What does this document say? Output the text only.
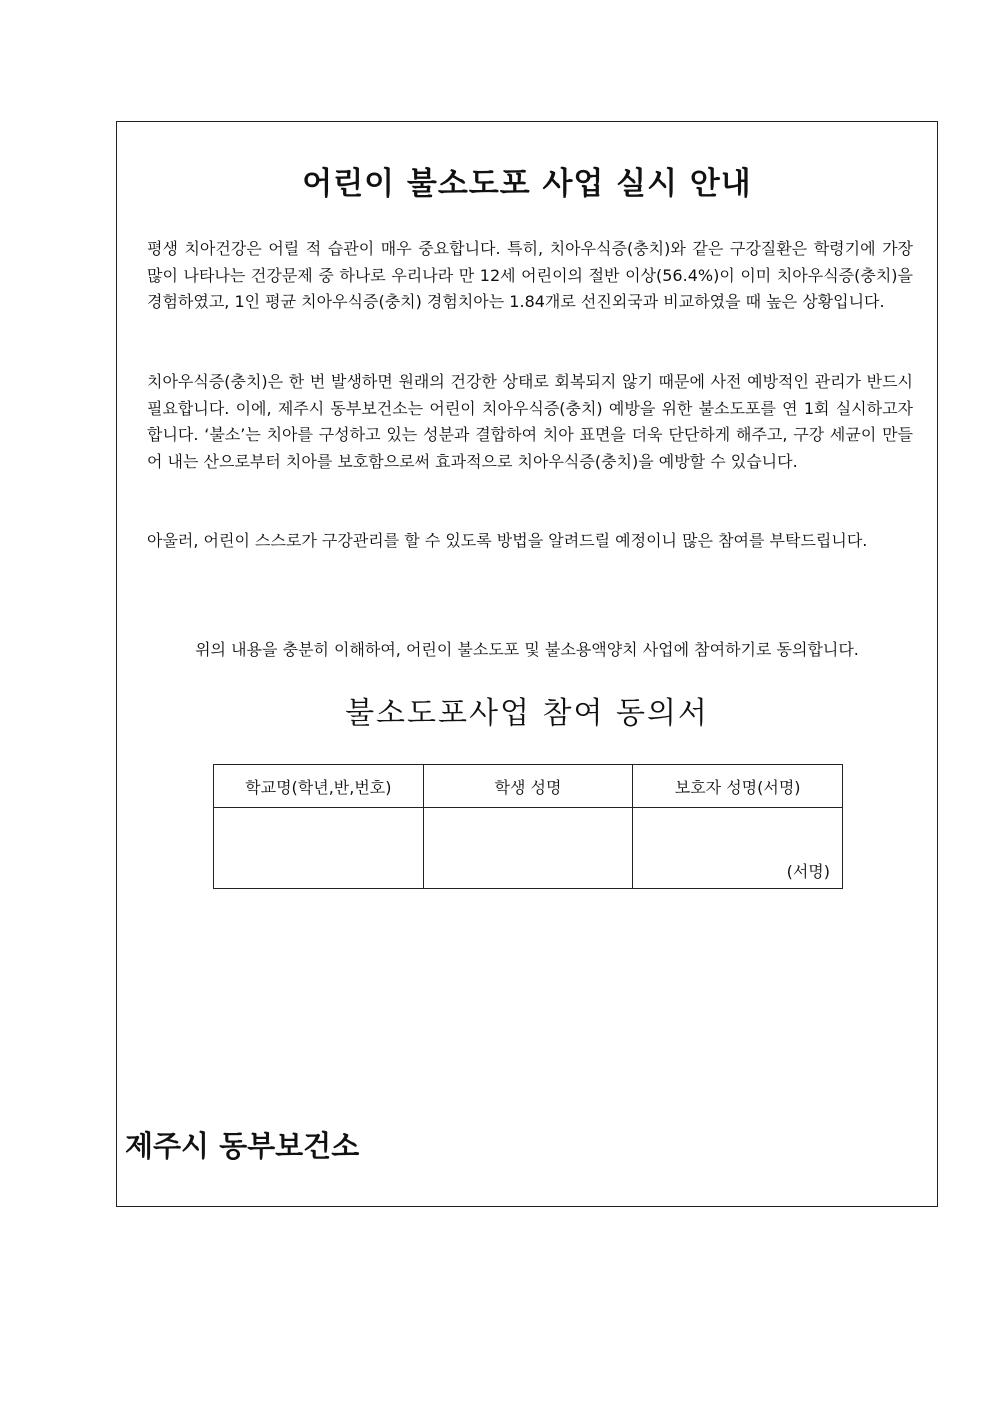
어린이 불소도포 사업 실시 안내

평생 치아건강은 어릴 적 습관이 매우 중요합니다. 특히, 치아우식증(충치)와 같은 구강질환은 학령기에 가장 많이 나타나는 건강문제 중 하나로 우리나라 만 12세 어린이의 절반 이상(56.4%)이 이미 치아우식증(충치)을 경험하였고, 1인 평균 치아우식증(충치) 경험치아는 1.84개로 선진외국과 비교하였을 때 높은 상황입니다.

치아우식증(충치)은 한 번 발생하면 원래의 건강한 상태로 회복되지 않기 때문에 사전 예방적인 관리가 반드시 필요합니다. 이에, 제주시 동부보건소는 어린이 치아우식증(충치) 예방을 위한 불소도포를 연 1회 실시하고자 합니다. ‘불소’는 치아를 구성하고 있는 성분과 결합하여 치아 표면을 더욱 단단하게 해주고, 구강 세균이 만들어 내는 산으로부터 치아를 보호함으로써 효과적으로 치아우식증(충치)을 예방할 수 있습니다.

아울러, 어린이 스스로가 구강관리를 할 수 있도록 방법을 알려드릴 예정이니 많은 참여를 부탁드립니다.

위의 내용을 충분히 이해하여, 어린이 불소도포 및 불소용액양치 사업에 참여하기로 동의합니다.

불소도포사업 참여 동의서
학교명(학년,반,번호)	학생 성명	보호자 성명(서명)

		(서명)

제주시 동부보건소
